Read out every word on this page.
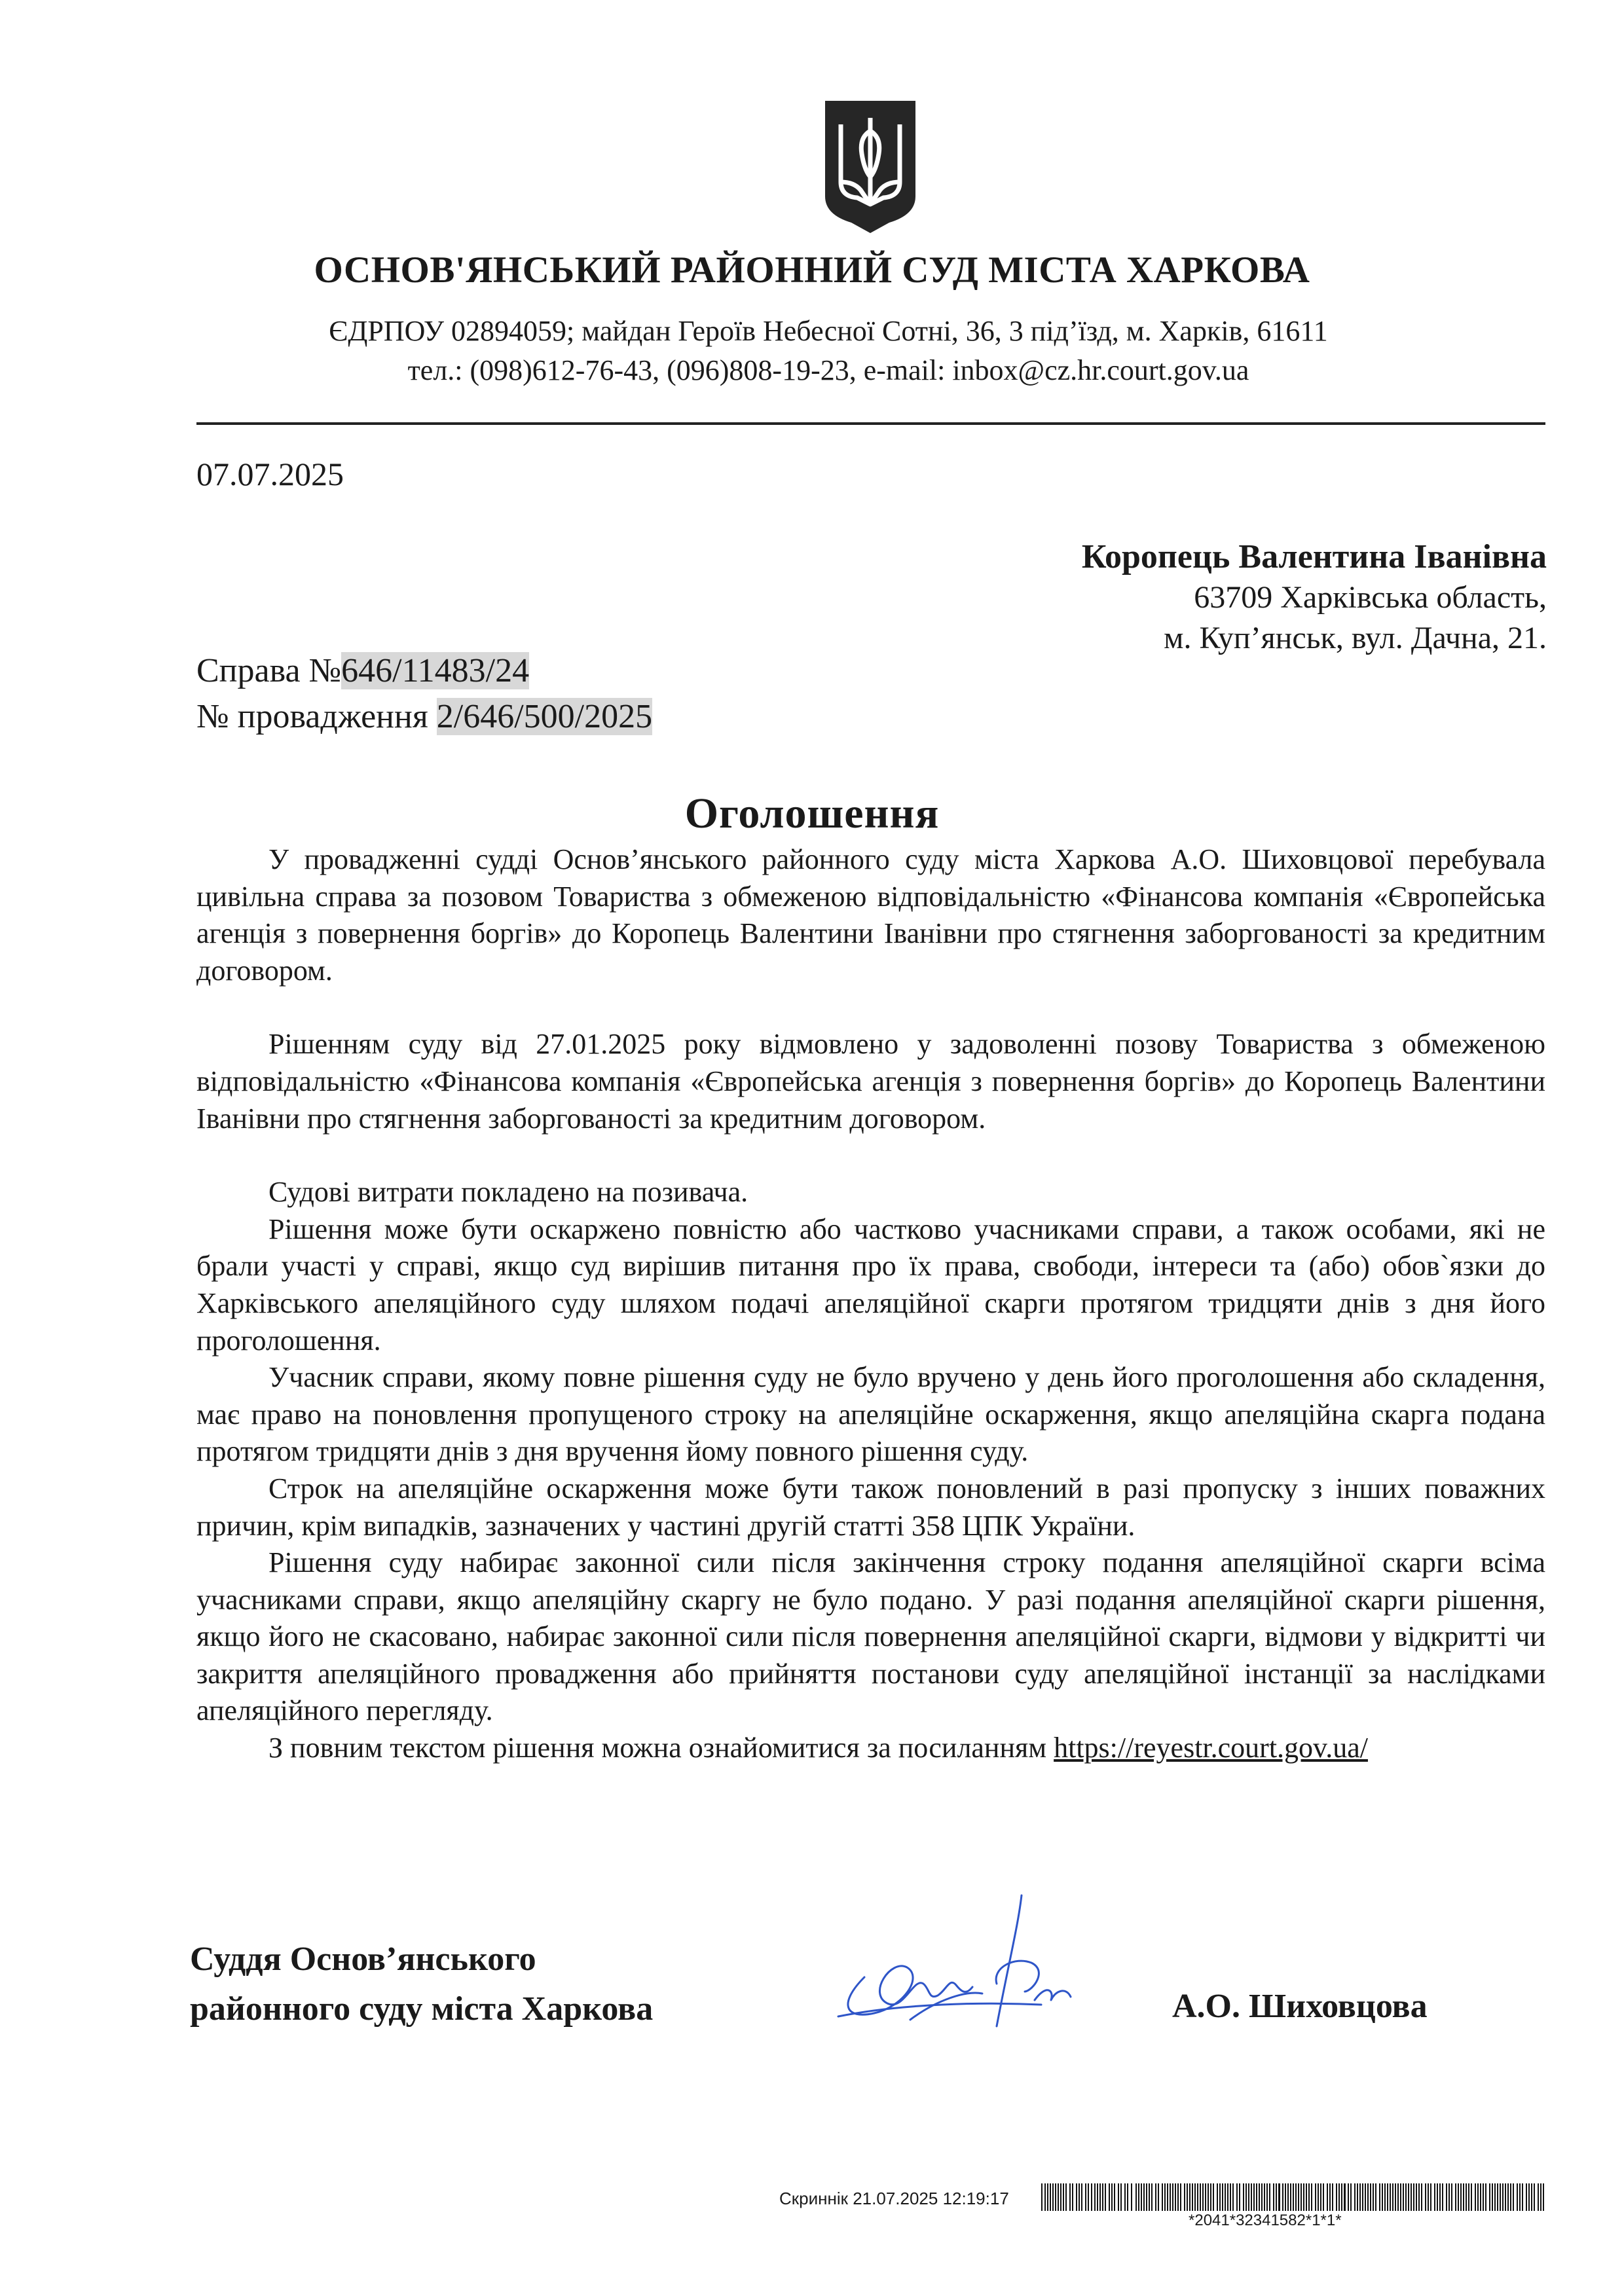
ОСНОВ'ЯНСЬКИЙ РАЙОННИЙ СУД МІСТА ХАРКОВА
ЄДРПОУ 02894059; майдан Героїв Небесної Сотні, 36, 3 під’їзд, м. Харків, 61611
тел.: (098)612-76-43, (096)808-19-23, e-mail: inbox@cz.hr.court.gov.ua
07.07.2025
Коропець Валентина Іванівна
63709 Харківська область,
м. Куп’янськ, вул. Дачна, 21.
Справа №646/11483/24
№ провадження 2/646/500/2025
Оголошення

У провадженні судді Основ’янського районного суду міста Харкова А.О. Шиховцової перебувала цивільна справа за позовом Товариства з обмеженою відповідальністю «Фінансова компанія «Європейська агенція з повернення боргів» до Коропець Валентини Іванівни про стягнення заборгованості за кредитним договором.

Рішенням суду від 27.01.2025 року відмовлено у задоволенні позову Товариства з обмеженою відповідальністю «Фінансова компанія «Європейська агенція з повернення боргів» до Коропець Валентини Іванівни про стягнення заборгованості за кредитним договором.

Судові витрати покладено на позивача.

Рішення може бути оскаржено повністю або частково учасниками справи, а також особами, які не брали участі у справі, якщо суд вирішив питання про їх права, свободи, інтереси та (або) обов`язки до Харківського апеляційного суду шляхом подачі апеляційної скарги протягом тридцяти днів з дня його проголошення.

Учасник справи, якому повне рішення суду не було вручено у день його проголошення або складення, має право на поновлення пропущеного строку на апеляційне оскарження, якщо апеляційна скарга подана протягом тридцяти днів з дня вручення йому повного рішення суду.

Строк на апеляційне оскарження може бути також поновлений в разі пропуску з інших поважних причин, крім випадків, зазначених у частині другій статті 358 ЦПК України.

Рішення суду набирає законної сили після закінчення строку подання апеляційної скарги всіма учасниками справи, якщо апеляційну скаргу не було подано. У разі подання апеляційної скарги рішення, якщо його не скасовано, набирає законної сили після повернення апеляційної скарги, відмови у відкритті чи закриття апеляційного провадження або прийняття постанови суду апеляційної інстанції за наслідками апеляційного перегляду.

З повним текстом рішення можна ознайомитися за посиланням https://reyestr.court.gov.ua/

Суддя Основ’янського
районного суду міста Харкова	А.О. Шиховцова
Скриннік 21.07.2025 12:19:17
*2041*32341582*1*1*
